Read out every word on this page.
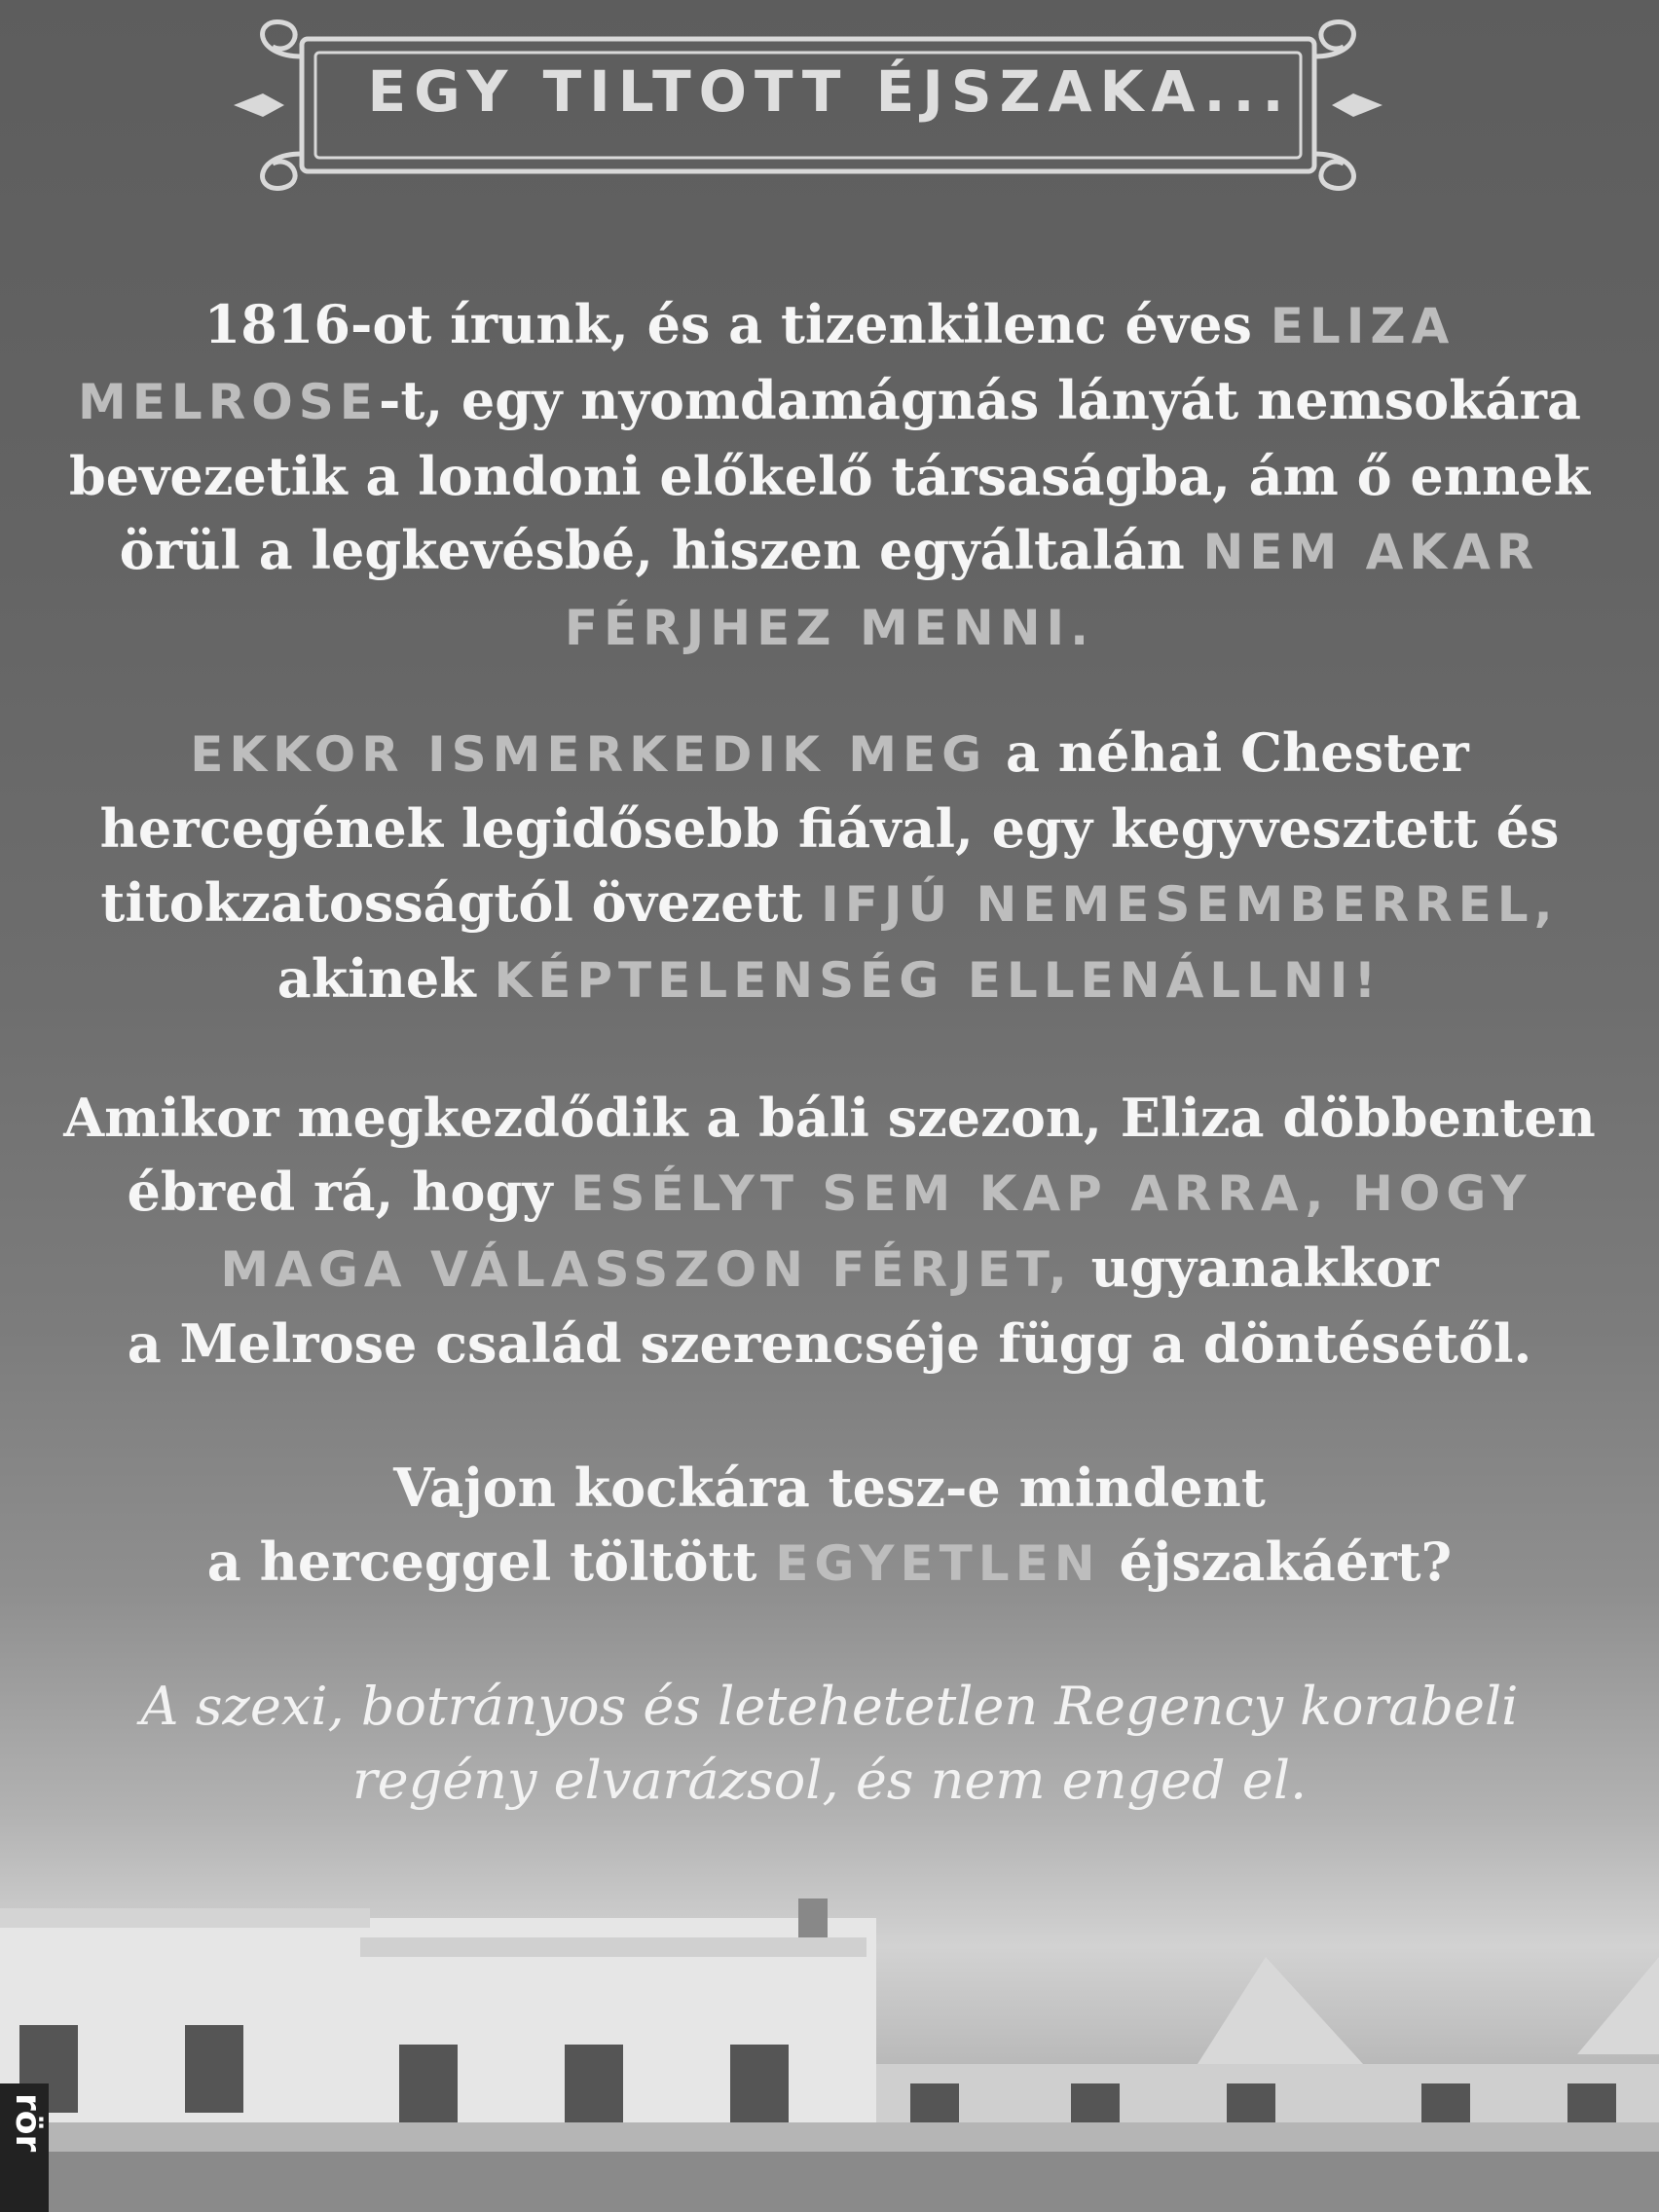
EGY TILTOTT ÉJSZAKA...

1816-ot írunk, és a tizenkilenc éves ELIZA

MELROSE-t, egy nyomdamágnás lányát nemsokára

bevezetik a londoni előkelő társaságba, ám ő ennek

örül a legkevésbé, hiszen egyáltalán NEM AKAR

FÉRJHEZ MENNI.

EKKOR ISMERKEDIK MEG a néhai Chester

hercegének legidősebb fiával, egy kegyvesztett és

titokzatosságtól övezett IFJÚ NEMESEMBERREL,

akinek KÉPTELENSÉG ELLENÁLLNI!

Amikor megkezdődik a báli szezon, Eliza döbbenten

ébred rá, hogy ESÉLYT SEM KAP ARRA, HOGY

MAGA VÁLASSZON FÉRJET, ugyanakkor

a Melrose család szerencséje függ a döntésétől.

Vajon kockára tesz-e mindent

a herceggel töltött EGYETLEN éjszakáért?

A szexi, botrányos és letehetetlen Regency korabeli

regény elvarázsol, és nem enged el.

rör
